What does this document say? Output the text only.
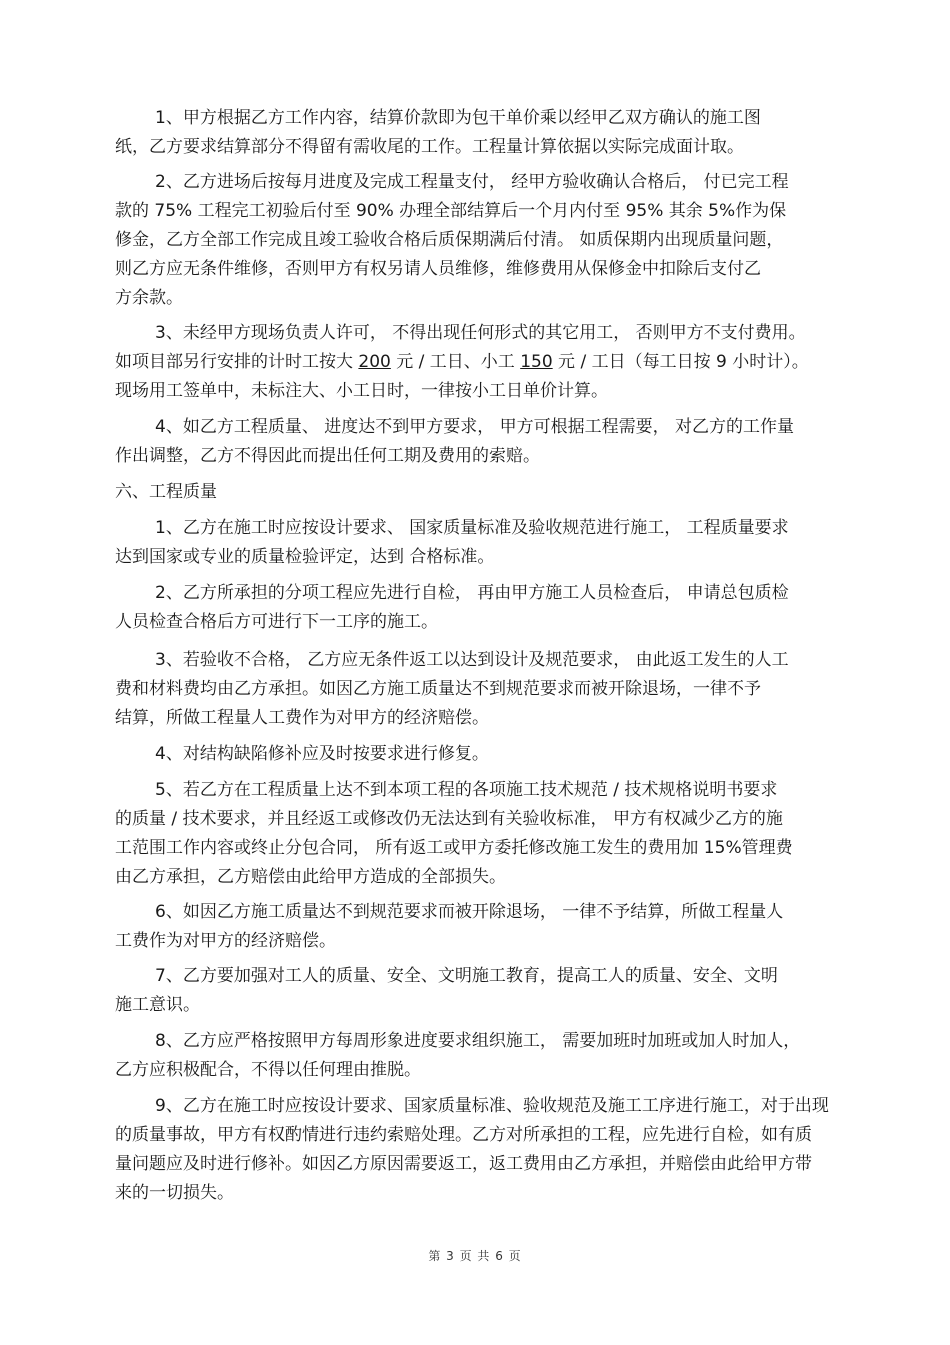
1、甲方根据乙方工作内容，结算价款即为包干单价乘以经甲乙双方确认的施工图
纸，乙方要求结算部分不得留有需收尾的工作。工程量计算依据以实际完成面计取。
2、乙方进场后按每月进度及完成工程量支付， 经甲方验收确认合格后， 付已完工程
款的 75% 工程完工初验后付至 90% 办理全部结算后一个月内付至 95% 其余 5%作为保
修金，乙方全部工作完成且竣工验收合格后质保期满后付清。 如质保期内出现质量问题，
则乙方应无条件维修，否则甲方有权另请人员维修，维修费用从保修金中扣除后支付乙
方余款。
3、未经甲方现场负责人许可， 不得出现任何形式的其它用工， 否则甲方不支付费用。
如项目部另行安排的计时工按大 200 元 / 工日、小工 150 元 / 工日（每工日按 9 小时计）。
现场用工签单中，未标注大、小工日时，一律按小工日单价计算。
4、如乙方工程质量、 进度达不到甲方要求， 甲方可根据工程需要， 对乙方的工作量
作出调整，乙方不得因此而提出任何工期及费用的索赔。
六、工程质量
1、乙方在施工时应按设计要求、 国家质量标准及验收规范进行施工， 工程质量要求
达到国家或专业的质量检验评定，达到 合格标准。
2、乙方所承担的分项工程应先进行自检， 再由甲方施工人员检查后， 申请总包质检
人员检查合格后方可进行下一工序的施工。
3、若验收不合格， 乙方应无条件返工以达到设计及规范要求， 由此返工发生的人工
费和材料费均由乙方承担。如因乙方施工质量达不到规范要求而被开除退场，一律不予
结算，所做工程量人工费作为对甲方的经济赔偿。
4、对结构缺陷修补应及时按要求进行修复。
5、若乙方在工程质量上达不到本项工程的各项施工技术规范 / 技术规格说明书要求
的质量 / 技术要求，并且经返工或修改仍无法达到有关验收标准， 甲方有权减少乙方的施
工范围工作内容或终止分包合同， 所有返工或甲方委托修改施工发生的费用加 15%管理费
由乙方承担，乙方赔偿由此给甲方造成的全部损失。
6、如因乙方施工质量达不到规范要求而被开除退场， 一律不予结算，所做工程量人
工费作为对甲方的经济赔偿。
7、乙方要加强对工人的质量、安全、文明施工教育，提高工人的质量、安全、文明
施工意识。
8、乙方应严格按照甲方每周形象进度要求组织施工， 需要加班时加班或加人时加人，
乙方应积极配合，不得以任何理由推脱。
9、乙方在施工时应按设计要求、国家质量标准、验收规范及施工工序进行施工，对于出现
的质量事故，甲方有权酌情进行违约索赔处理。乙方对所承担的工程，应先进行自检，如有质
量问题应及时进行修补。如因乙方原因需要返工，返工费用由乙方承担，并赔偿由此给甲方带
来的一切损失。
第 3 页 共 6 页
